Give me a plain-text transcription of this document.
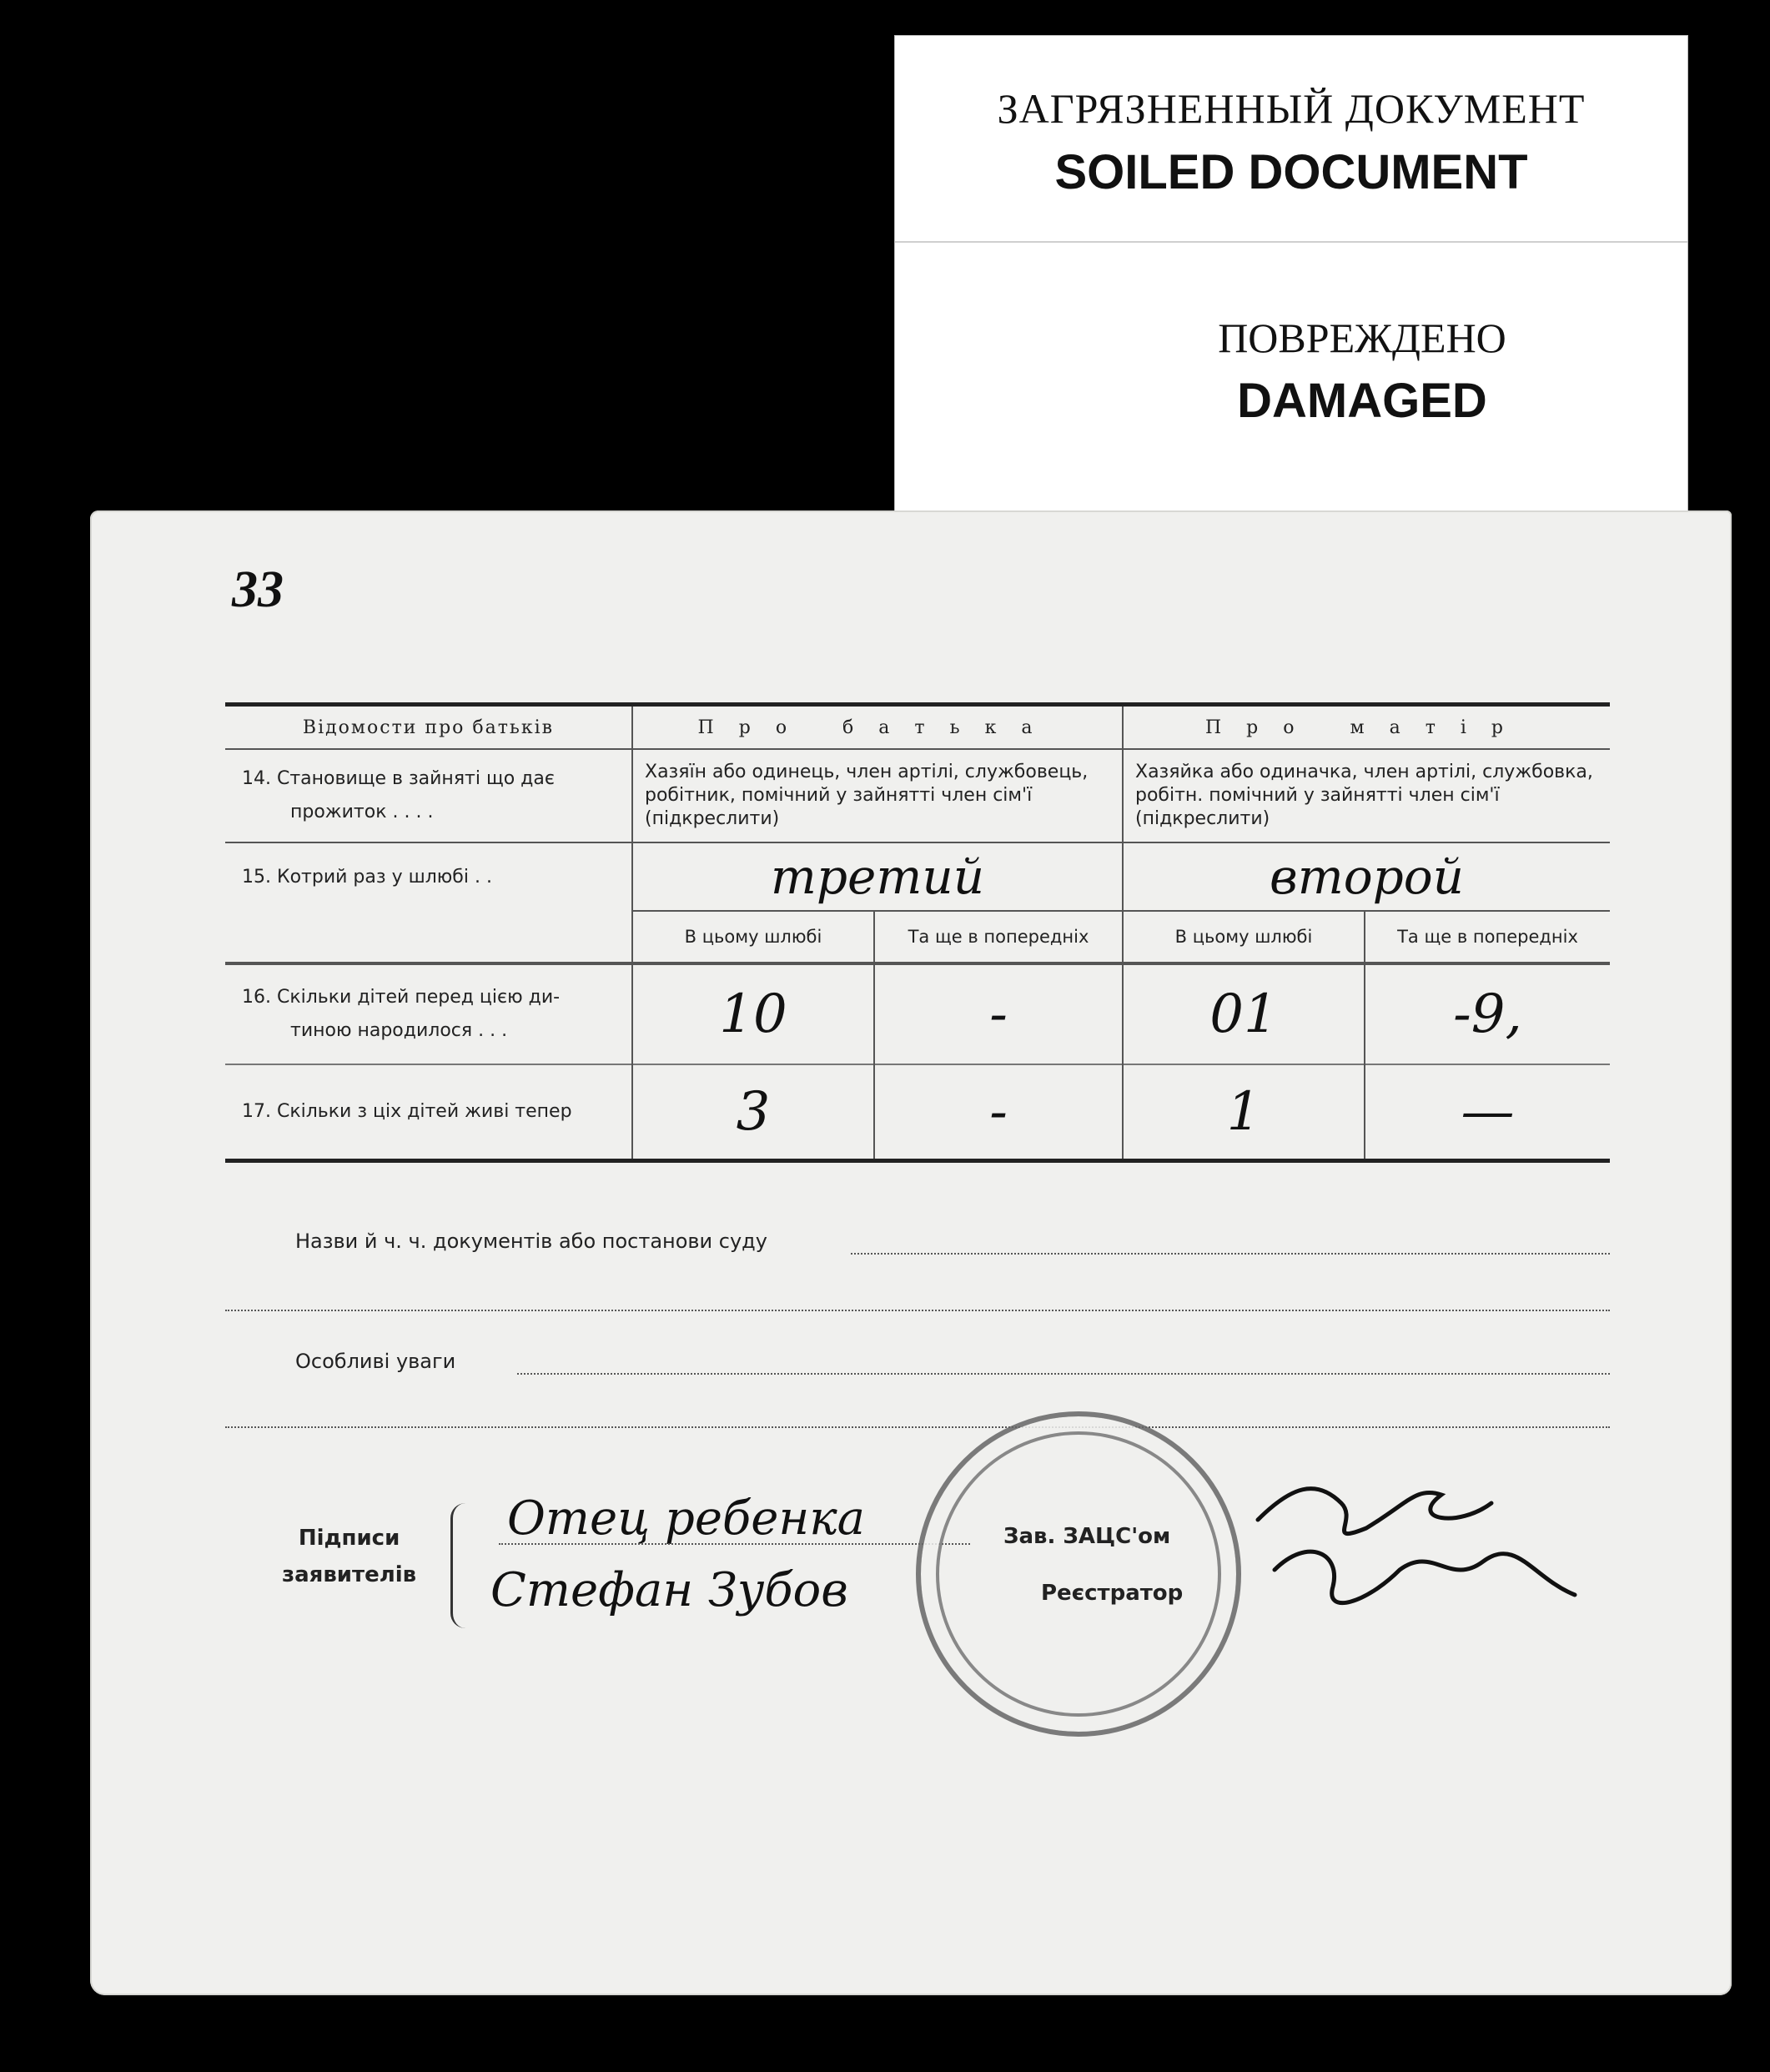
ЗАГРЯЗНЕННЫЙ ДОКУМЕНТ
SOILED DOCUMENT
ПОВРЕЖДЕНО
DAMAGED
33
Відомости про батьків	Про батька		Про матір	

14. Становище в зайняті що дає
прожиток . . . .	Хазяїн або одинець, член артілі, службовець, робітник, помічний у зайнятті член сім'ї (підкреслити)		Хазяйка або одиначка, член артілі, службовка, робітн. помічний у зайнятті член сім'ї (підкреслити)	
15. Котрий раз у шлюбі . .	третий		второй	
	В цьому шлюбі	Та ще в попередніх	В цьому шлюбі	Та ще в попередніх

16. Скільки дітей перед цією ди-
тиною народилося . . .	10	-	01	-9,
17. Скільки з ціх дітей живі тепер	3	-	1	—
Назви й ч. ч. документів або постанови суду
Особливі уваги
Підписи
заявителів
Отец ребенка
Стефан Зубов
Зав. ЗАЦС'ом
Реєстратор
